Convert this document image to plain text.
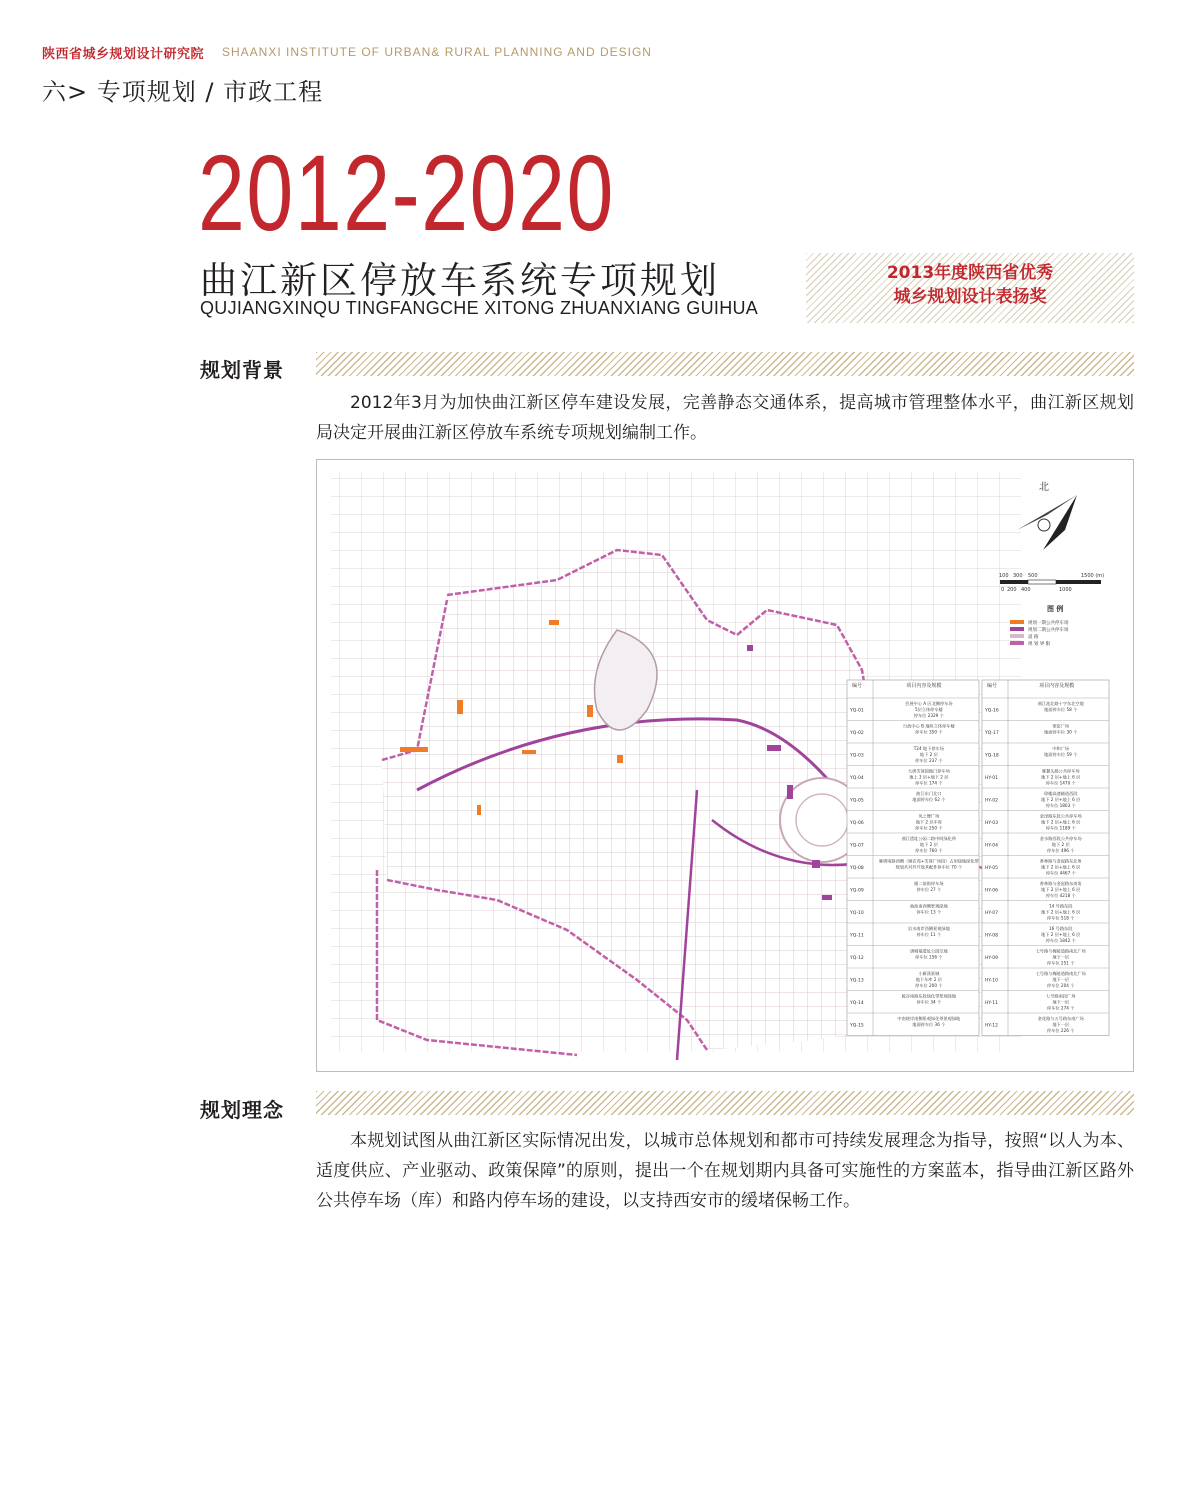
陕西省城乡规划设计研究院 SHAANXI INSTITUTE OF URBAN& RURAL PLANNING AND DESIGN
六> 专项规划 / 市政工程
2012-2020
曲江新区停放车系统专项规划
QUJIANGXINQU TINGFANGCHE XITONG ZHUANXIANG GUIHUA
2013年度陕西省优秀
城乡规划设计表扬奖
规划背景

2012年3月为加快曲江新区停车建设发展，完善静态交通体系，提高城市管理整体水平，曲江新区规划局决定开展曲江新区停放车系统专项规划编制工作。

北
100 300 500	1500 (m)
0 200 400	1000
图 例
规划一期公共停车场
规划二期公共停车场
道 路
规 划 界 限
编号	项目内容及规模
YQ-01
会展中心 A 区北侧停车场
5层立体停车楼
停车位 2329 个
YQ-02
行政中心 B 地块立体停车楼
停车位 350 个
YQ-03
T24 地下停车场
地下 2 层
停车位 237 个
YQ-04
大唐芙蓉园地门停车场
地上 3 层+地下 2 层
停车位 174 个
YQ-05
曲江东门北口
地面停车位 62 个
YQ-06
风之舞广场
地下 2 层车库
停车位 250 个
YQ-07
曲江遗址公园二路中间绿化带
地下 2 层
停车位 760 个
YQ-08
雁塔南路西侧（雁农苑+芙蓉广场段）占用绿地绿化带
规划共对外开放其配件停车位 70 个
YQ-09
雁二前街停车场
停车位 27 个
YQ-10
曲池南西侧景观绿地
停车位 13 个
YQ-11
岩水南岸西侧景观绿地
停车位 11 个
YQ-12
唐城墙遗址公园空地
停车位 156 个
YQ-13
小雁荡景城
地下车库 2 层
停车位 200 个
YQ-14
陵谷南路东段绿化带景观绿地
停车位 34 个
YQ-15
中南绕岸南侧景观绿化带景观绿地
地面停车位 36 个
编号	项目内容及规模
YQ-16
曲江池北路十字东北空地
地面停车位 58 个
YQ-17
寒窑广场
地面停车位 30 个
YQ-18
中和广场
地面停车位 59 个
HY-01
雁翼头路公共停车场
地下 2 层+地上 6 层
停车位 1470 个
HY-02
琼楼高速辅道西段
地下 2 层+地上 6 层
停车位 1803 个
HY-03
金泽路东段公共停车场
地下 2 层+地上 6 层
停车位 1189 个
HY-04
金水路西段公共停车场
地下 2 层
停车位 496 个
HY-05
香林路与金泥路东北角
地下 2 层+地上 6 层
停车位 4467 个
HY-06
香林路与金泥路东南角
地下 2 层+地上 6 层
停车位 4218 个
HY-07
14 号路东段
地下 2 层+地上 6 层
停车位 518 个
HY-08
16 号路东段
地下 2 层+地上 6 层
停车位 1842 个
HY-09
七号路与梅陵道路南北广场
地下一层
停车位 251 个
HY-10
七号路与梅陵道路南北广场
地下一层
停车位 204 个
HY-11
七号路南段广场
地下一层
停车位 274 个
HY-12
金花路与五号路东南广场
地下一层
停车位 226 个
规划理念

本规划试图从曲江新区实际情况出发，以城市总体规划和都市可持续发展理念为指导，按照“以人为本、适度供应、产业驱动、政策保障”的原则，提出一个在规划期内具备可实施性的方案蓝本，指导曲江新区路外公共停车场（库）和路内停车场的建设，以支持西安市的缓堵保畅工作。
